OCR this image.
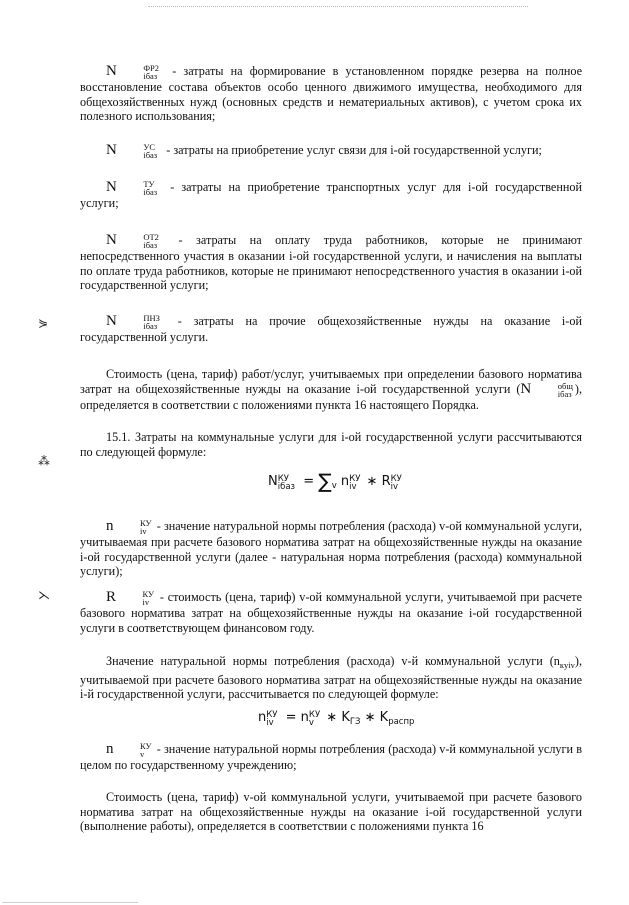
⋟
⁂
⋋

N	ФР2
iбаз - затраты на формирование в установленном порядке резерва на полное восстановление состава объектов особо ценного движимого имущества, необходимого для общехозяйственных нужд (основных средств и нематериальных активов), с учетом срока их полезного использования;

N	УС
iбаз - затраты на приобретение услуг связи для i-ой государственной услуги;

N	ТУ
iбаз - затраты на приобретение транспортных услуг для i-ой государственной услуги;

N	ОТ2
iбаз - затраты на оплату труда работников, которые не принимают непосредственного участия в оказании i-ой государственной услуги, и начисления на выплаты по оплате труда работников, которые не принимают непосредственного участия в оказании i-ой государственной услуги;

N	ПНЗ
iбаз - затраты на прочие общехозяйственные нужды на оказание i-ой государственной услуги.

Стоимость (цена, тариф) работ/услуг, учитываемых при определении базового норматива затрат на общехозяйственные нужды на оказание i-ой государственной услуги (N	общ
iбаз ), определяется в соответствии с положениями пункта 16 настоящего Порядка.

15.1. Затраты на коммунальные услуги для i-ой государственной услуги рассчитываются по следующей формуле:

N КУ
iбаз = $\sum_v$ n КУ
iv ∗ R КУ
iv

n	КУ
iv - значение натуральной нормы потребления (расхода) v-ой коммунальной услуги, учитываемая при расчете базового норматива затрат на общехозяйственные нужды на оказание i-ой государственной услуги (далее - натуральная норма потребления (расхода) коммунальной услуги);

R	КУ
iv - стоимость (цена, тариф) v-ой коммунальной услуги, учитываемой при расчете базового норматива затрат на общехозяйственные нужды на оказание i-ой государственной услуги в соответствующем финансовом году.

Значение натуральной нормы потребления (расхода) v-й коммунальной услуги $(n_{кyiv})$, учитываемой при расчете базового норматива затрат на общехозяйственные нужды на оказание i-й государственной услуги, рассчитывается по следующей формуле:

n КУ
iv = n КУ
v ∗ $K_{ГЗ}$ ∗ $K_{распр}$

n	КУ
v - значение натуральной нормы потребления (расхода) v-й коммунальной услуги в целом по государственному учреждению;

Стоимость (цена, тариф) v-ой коммунальной услуги, учитываемой при расчете базового норматива затрат на общехозяйственные нужды на оказание i-ой государственной услуги (выполнение работы), определяется в соответствии с положениями пункта 16
